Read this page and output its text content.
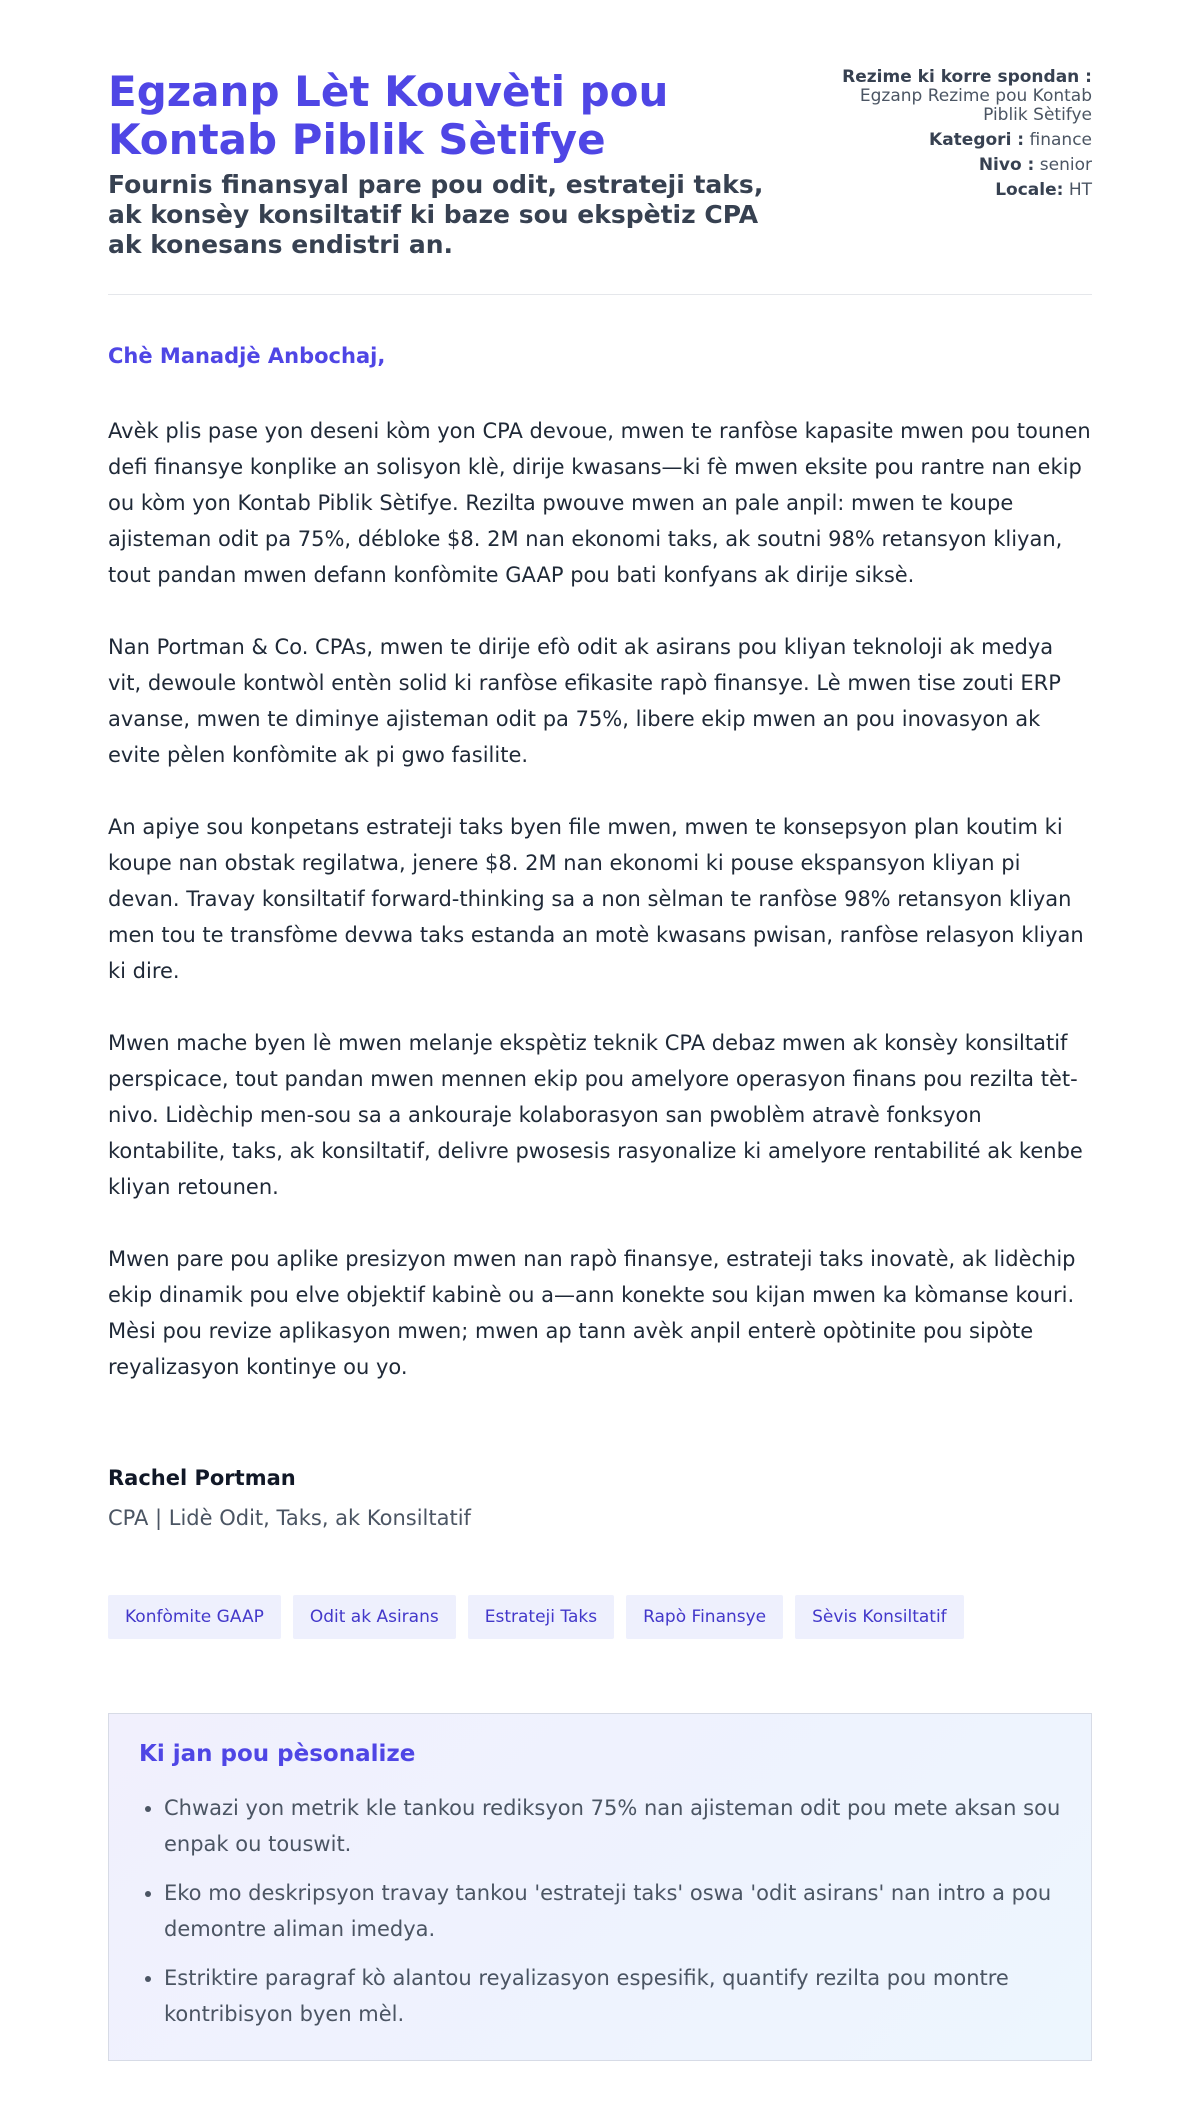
Egzanp Lèt Kouvèti pou Kontab Piblik Sètifye

Fournis finansyal pare pou odit, estrateji taks, ak konsèy konsiltatif ki baze sou ekspètiz CPA ak konesans endistri an.

Rezime ki korre spondan : Egzanp Rezime pou Kontab Piblik Sètifye
Kategori : finance
Nivo : senior
Locale: HT

Chè Manadjè Anbochaj,

Avèk plis pase yon deseni kòm yon CPA devoue, mwen te ranfòse kapasite mwen pou tounen defi finansye konplike an solisyon klè, dirije kwasans—ki fè mwen eksite pou rantre nan ekip ou kòm yon Kontab Piblik Sètifye. Rezilta pwouve mwen an pale anpil: mwen te koupe ajisteman odit pa 75%, débloke $8. 2M nan ekonomi taks, ak soutni 98% retansyon kliyan, tout pandan mwen defann konfòmite GAAP pou bati konfyans ak dirije siksè.

Nan Portman & Co. CPAs, mwen te dirije efò odit ak asirans pou kliyan teknoloji ak medya vit, dewoule kontwòl entèn solid ki ranfòse efikasite rapò finansye. Lè mwen tise zouti ERP avanse, mwen te diminye ajisteman odit pa 75%, libere ekip mwen an pou inovasyon ak evite pèlen konfòmite ak pi gwo fasilite.

An apiye sou konpetans estrateji taks byen file mwen, mwen te konsepsyon plan koutim ki koupe nan obstak regilatwa, jenere $8. 2M nan ekonomi ki pouse ekspansyon kliyan pi devan. Travay konsiltatif forward-thinking sa a non sèlman te ranfòse 98% retansyon kliyan men tou te transfòme devwa taks estanda an motè kwasans pwisan, ranfòse relasyon kliyan ki dire.

Mwen mache byen lè mwen melanje ekspètiz teknik CPA debaz mwen ak konsèy konsiltatif perspicace, tout pandan mwen mennen ekip pou amelyore operasyon finans pou rezilta tèt-nivo. Lidèchip men-sou sa a ankouraje kolaborasyon san pwoblèm atravè fonksyon kontabilite, taks, ak konsiltatif, delivre pwosesis rasyonalize ki amelyore rentabilité ak kenbe kliyan retounen.

Mwen pare pou aplike presizyon mwen nan rapò finansye, estrateji taks inovatè, ak lidèchip ekip dinamik pou elve objektif kabinè ou a—ann konekte sou kijan mwen ka kòmanse kouri. Mèsi pou revize aplikasyon mwen; mwen ap tann avèk anpil enterè opòtinite pou sipòte reyalizasyon kontinye ou yo.

Rachel Portman
CPA | Lidè Odit, Taks, ak Konsiltatif
Konfòmite GAAP	Odit ak Asirans	Estrateji Taks	Rapò Finansye	Sèvis Konsiltatif
Ki jan pou pèsonalize
• Chwazi yon metrik kle tankou rediksyon 75% nan ajisteman odit pou mete aksan sou enpak ou touswit.
• Eko mo deskripsyon travay tankou 'estrateji taks' oswa 'odit asirans' nan intro a pou demontre aliman imedya.
• Estriktire paragraf kò alantou reyalizasyon espesifik, quantify rezilta pou montre kontribisyon byen mèl.
